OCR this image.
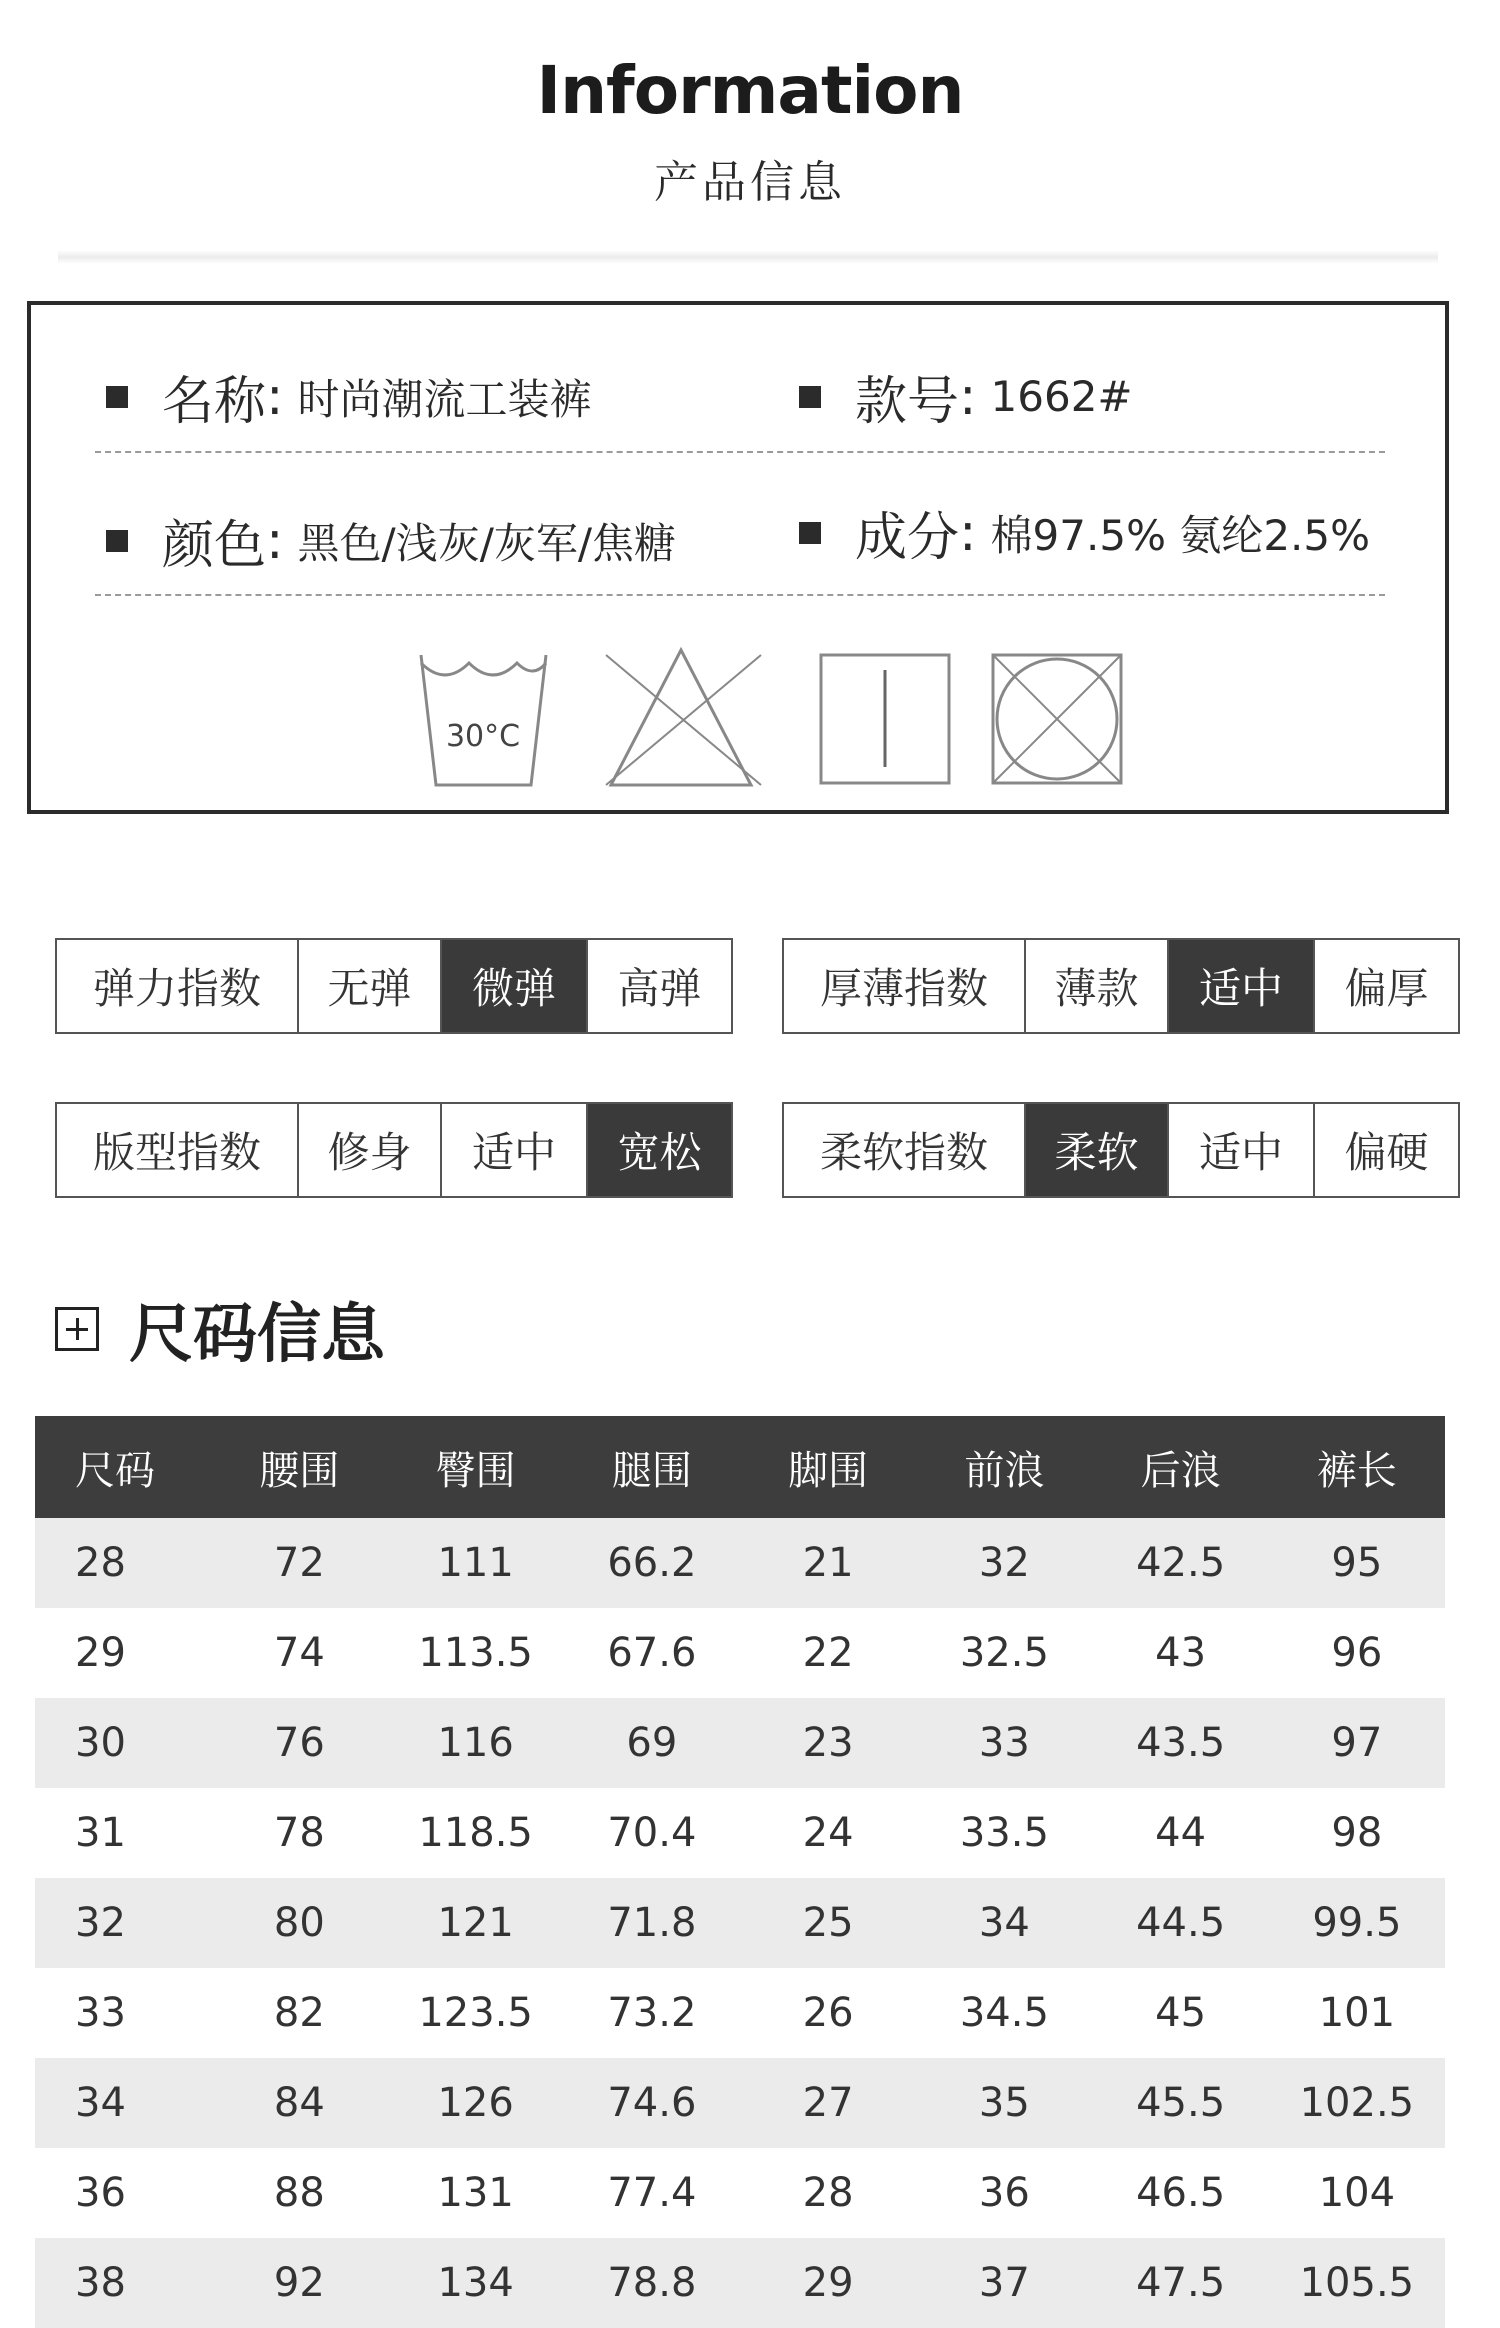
Information
产品信息
名称 : 时尚潮流工装裤	款号 : 1662#
颜色 : 黑色/浅灰/灰军/焦糖	成分 : 棉97.5% 氨纶2.5%
30°C
弹力指数	无弹	微弹	高弹	厚薄指数	薄款	适中	偏厚
版型指数	修身	适中	宽松	柔软指数	柔软	适中	偏硬
尺码信息
尺码	腰围	臀围	腿围	脚围	前浪	后浪	裤长
28	72	111	66.2	21	32	42.5	95
29	74	113.5	67.6	22	32.5	43	96
30	76	116	69	23	33	43.5	97
31	78	118.5	70.4	24	33.5	44	98
32	80	121	71.8	25	34	44.5	99.5
33	82	123.5	73.2	26	34.5	45	101
34	84	126	74.6	27	35	45.5	102.5
36	88	131	77.4	28	36	46.5	104
38	92	134	78.8	29	37	47.5	105.5
